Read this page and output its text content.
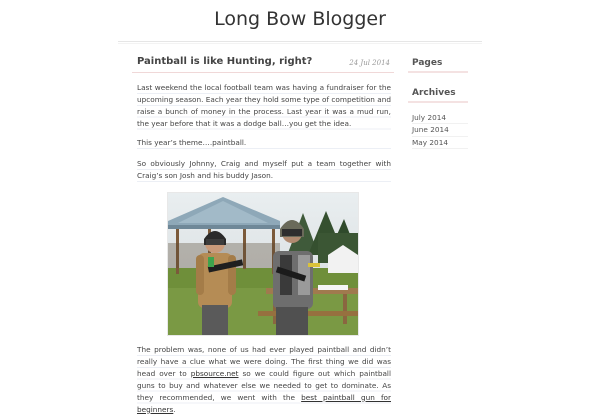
Long Bow Blogger
Paintball is like Hunting, right?	24 Jul 2014

Last weekend the local football team was having a fundraiser for the upcoming season. Each year they hold some type of competition and raise a bunch of money in the process. Last year it was a mud run, the year before that it was a dodge ball…you get the idea.

This year’s theme….paintball.

So obviously Johnny, Craig and myself put a team together with Craig’s son Josh and his buddy Jason.

The problem was, none of us had ever played paintball and didn’t really have a clue what we were doing. The first thing we did was head over to pbsource.net so we could figure out which paintball guns to buy and whatever else we needed to get to dominate. As they recommended, we went with the best paintball gun for beginners.

Pages
Archives
July 2014
June 2014
May 2014
